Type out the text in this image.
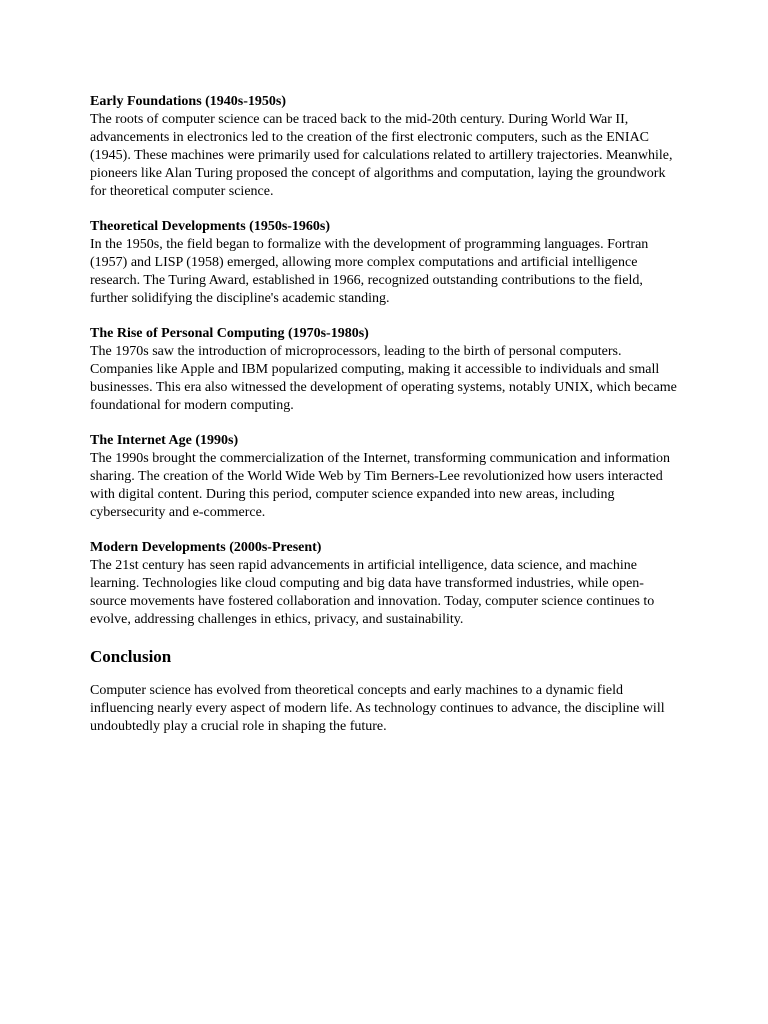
Early Foundations (1940s-1950s)

The roots of computer science can be traced back to the mid-20th century. During World War II, advancements in electronics led to the creation of the first electronic computers, such as the ENIAC (1945). These machines were primarily used for calculations related to artillery trajectories. Meanwhile, pioneers like Alan Turing proposed the concept of algorithms and computation, laying the groundwork for theoretical computer science.

Theoretical Developments (1950s-1960s)

In the 1950s, the field began to formalize with the development of programming languages. Fortran (1957) and LISP (1958) emerged, allowing more complex computations and artificial intelligence research. The Turing Award, established in 1966, recognized outstanding contributions to the field, further solidifying the discipline's academic standing.

The Rise of Personal Computing (1970s-1980s)

The 1970s saw the introduction of microprocessors, leading to the birth of personal computers. Companies like Apple and IBM popularized computing, making it accessible to individuals and small businesses. This era also witnessed the development of operating systems, notably UNIX, which became foundational for modern computing.

The Internet Age (1990s)

The 1990s brought the commercialization of the Internet, transforming communication and information sharing. The creation of the World Wide Web by Tim Berners-Lee revolutionized how users interacted with digital content. During this period, computer science expanded into new areas, including cybersecurity and e-commerce.

Modern Developments (2000s-Present)

The 21st century has seen rapid advancements in artificial intelligence, data science, and machine learning. Technologies like cloud computing and big data have transformed industries, while open-source movements have fostered collaboration and innovation. Today, computer science continues to evolve, addressing challenges in ethics, privacy, and sustainability.

Conclusion

Computer science has evolved from theoretical concepts and early machines to a dynamic field influencing nearly every aspect of modern life. As technology continues to advance, the discipline will undoubtedly play a crucial role in shaping the future.
